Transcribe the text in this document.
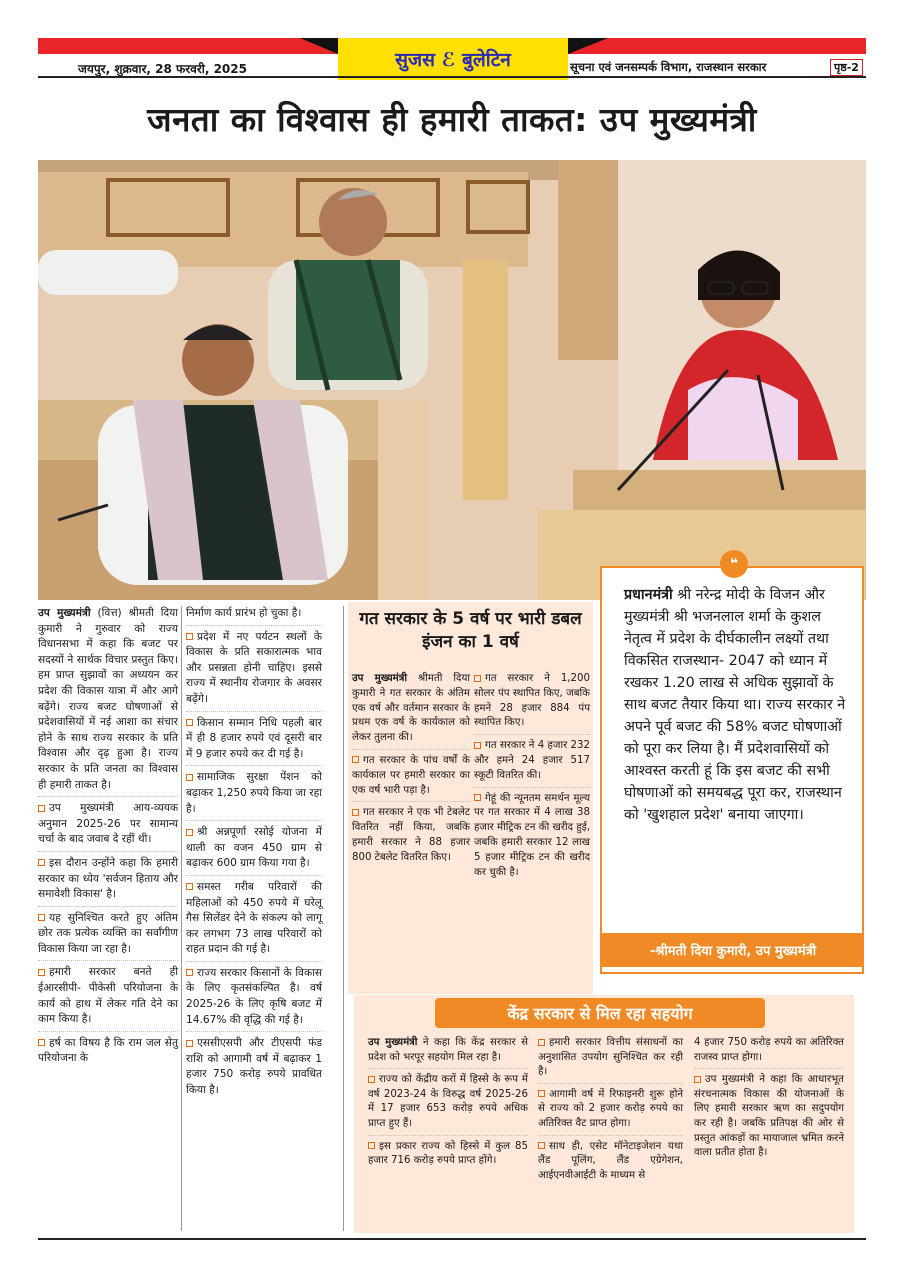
सुजस ℰ बुलेटिन
जयपुर, शुक्रवार, 28 फरवरी, 2025	सूचना एवं जनसम्पर्क विभाग, राजस्थान सरकार	पृष्ठ-2
जनता का विश्वास ही हमारी ताकत: उप मुख्यमंत्री

उप मुख्यमंत्री (वित्त) श्रीमती दिया कुमारी ने गुरुवार को राज्य विधानसभा में कहा कि बजट पर सदस्यों ने सार्थक विचार प्रस्तुत किए। हम प्राप्त सुझावों का अध्ययन कर प्रदेश की विकास यात्रा में और आगे बढ़ेंगे। राज्य बजट घोषणाओं से प्रदेशवासियों में नई आशा का संचार होने के साथ राज्य सरकार के प्रति विश्वास और दृढ़ हुआ है। राज्य सरकार के प्रति जनता का विश्वास ही हमारी ताकत है।

उप मुख्यमंत्री आय-व्ययक अनुमान 2025-26 पर सामान्य चर्चा के बाद जवाब दे रहीं थी।

इस दौरान उन्होंने कहा कि हमारी सरकार का ध्येय 'सर्वजन हिताय और समावेशी विकास' है।

यह सुनिश्चित करते हुए अंतिम छोर तक प्रत्येक व्यक्ति का सर्वांगीण विकास किया जा रहा है।

हमारी सरकार बनते ही ईआरसीपी- पीकेसी परियोजना के कार्य को हाथ में लेकर गति देने का काम किया है।

हर्ष का विषय है कि राम जल सेतु परियोजना के

निर्माण कार्य प्रारंभ हो चुका है।

प्रदेश में नए पर्यटन स्थलों के विकास के प्रति सकारात्मक भाव और प्रसन्नता होनी चाहिए। इससे राज्य में स्थानीय रोजगार के अवसर बढ़ेंगे।

किसान सम्मान निधि पहली बार में ही 8 हजार रुपये एवं दूसरी बार में 9 हजार रुपये कर दी गई है।

सामाजिक सुरक्षा पेंशन को बढ़ाकर 1,250 रुपये किया जा रहा है।

श्री अन्नपूर्णा रसोई योजना में थाली का वजन 450 ग्राम से बढ़ाकर 600 ग्राम किया गया है।

समस्त गरीब परिवारों की महिलाओं को 450 रुपये में घरेलू गैस सिलेंडर देने के संकल्प को लागू कर लगभग 73 लाख परिवारों को राहत प्रदान की गई है।

राज्य सरकार किसानों के विकास के लिए कृतसंकल्पित है। वर्ष 2025-26 के लिए कृषि बजट में 14.67% की वृद्धि की गई है।

एससीएसपी और टीएसपी फंड राशि को आगामी वर्ष में बढ़ाकर 1 हजार 750 करोड़ रुपये प्रावधित किया है।

गत सरकार के 5 वर्ष पर भारी डबल इंजन का 1 वर्ष

उप मुख्यमंत्री श्रीमती दिया कुमारी ने गत सरकार के अंतिम एक वर्ष और वर्तमान सरकार के प्रथम एक वर्ष के कार्यकाल को लेकर तुलना की।

गत सरकार के पांच वर्षों के कार्यकाल पर हमारी सरकार का एक वर्ष भारी पड़ा है।

गत सरकार ने एक भी टेबलेट वितरित नहीं किया, जबकि हमारी सरकार ने 88 हजार 800 टेबलेट वितरित किए।

गत सरकार ने 1,200 सोलर पंप स्थापित किए, जबकि हमने 28 हजार 884 पंप स्थापित किए।

गत सरकार ने 4 हजार 232 और हमने 24 हजार 517 स्कूटी वितरित की।

गेहूं की न्यूनतम समर्थन मूल्य पर गत सरकार में 4 लाख 38 हजार मीट्रिक टन की खरीद हुई, जबकि हमारी सरकार 12 लाख 5 हजार मीट्रिक टन की खरीद कर चुकी है।

प्रधानमंत्री श्री नरेन्द्र मोदी के विजन और मुख्यमंत्री श्री भजनलाल शर्मा के कुशल नेतृत्व में प्रदेश के दीर्घकालीन लक्ष्यों तथा विकसित राजस्थान- 2047 को ध्यान में रखकर 1.20 लाख से अधिक सुझावों के साथ बजट तैयार किया था। राज्य सरकार ने अपने पूर्व बजट की 58% बजट घोषणाओं को पूरा कर लिया है। मैं प्रदेशवासियों को आश्वस्त करती हूं कि इस बजट की सभी घोषणाओं को समयबद्ध पूरा कर, राजस्थान को 'खुशहाल प्रदेश' बनाया जाएगा।
❝
-श्रीमती दिया कुमारी, उप मुख्यमंत्री
केंद्र सरकार से मिल रहा सहयोग

उप मुख्यमंत्री ने कहा कि केंद्र सरकार से प्रदेश को भरपूर सहयोग मिल रहा है।

राज्य को केंद्रीय करों में हिस्से के रूप में वर्ष 2023-24 के विरुद्ध वर्ष 2025-26 में 17 हजार 653 करोड़ रुपये अधिक प्राप्त हुए हैं।

इस प्रकार राज्य को हिस्से में कुल 85 हजार 716 करोड़ रुपये प्राप्त होंगे।

हमारी सरकार वित्तीय संसाधनों का अनुशासित उपयोग सुनिश्चित कर रही है।

आगामी वर्ष में रिफाइनरी शुरू होने से राज्य को 2 हजार करोड़ रुपये का अतिरिक्त वैट प्राप्त होगा।

साथ ही, एसेट मॉनेटाइजेशन यथा लैंड पूलिंग, लैंड एग्रेगेशन, आईएनवीआईटी के माध्यम से

4 हजार 750 करोड़ रुपये का अतिरिक्त राजस्व प्राप्त होगा।

उप मुख्यमंत्री ने कहा कि आधारभूत संरचनात्मक विकास की योजनाओं के लिए हमारी सरकार ऋण का सदुपयोग कर रही है। जबकि प्रतिपक्ष की ओर से प्रस्तुत आंकड़ों का मायाजाल भ्रमित करने वाला प्रतीत होता है।
